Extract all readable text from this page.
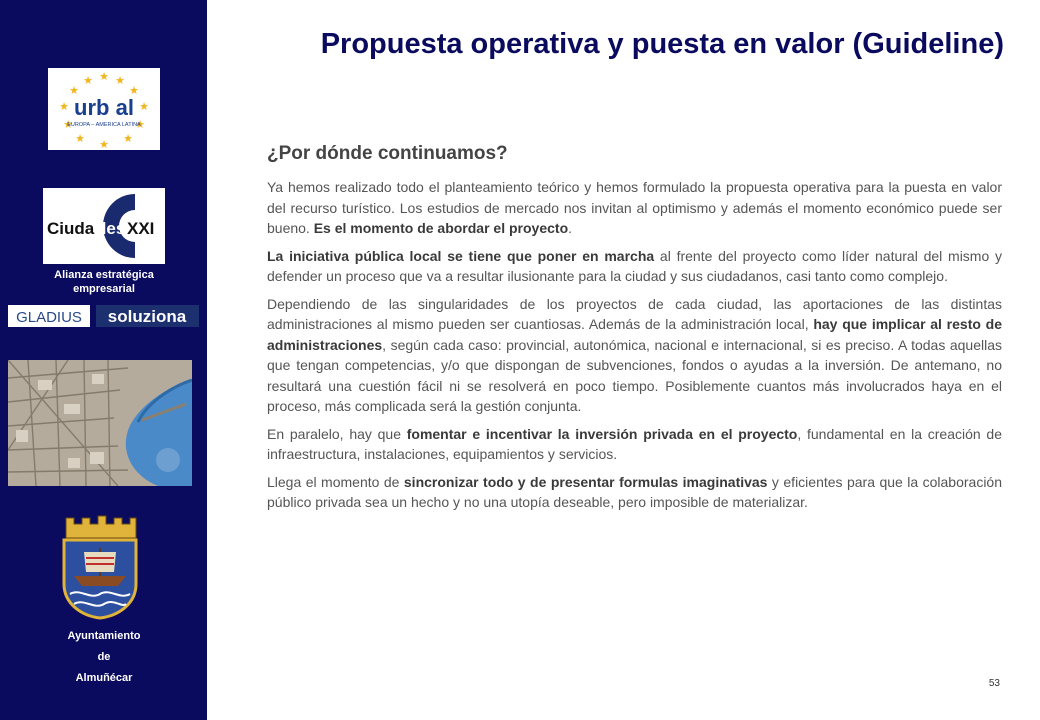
★
★ ★
★	★
★	★
★	★
★	★
★
urb al
EUROPA – AMERICA LATINA
Ciuda des XXI
Alianza estratégica
empresarial
GLADIUS soluziona
Ayuntamiento
de
Almuñécar
Propuesta operativa y puesta en valor (Guideline)
¿Por dónde continuamos?

Ya hemos realizado todo el planteamiento teórico y hemos formulado la propuesta operativa para la puesta en valor del recurso turístico. Los estudios de mercado nos invitan al optimismo y además el momento económico puede ser bueno. Es el momento de abordar el proyecto.

La iniciativa pública local se tiene que poner en marcha al frente del proyecto como líder natural del mismo y defender un proceso que va a resultar ilusionante para la ciudad y sus ciudadanos, casi tanto como complejo.

Dependiendo de las singularidades de los proyectos de cada ciudad, las aportaciones de las distintas administraciones al mismo pueden ser cuantiosas. Además de la administración local, hay que implicar al resto de administraciones, según cada caso: provincial, autonómica, nacional e internacional, si es preciso. A todas aquellas que tengan competencias, y/o que dispongan de subvenciones, fondos o ayudas a la inversión. De antemano, no resultará una cuestión fácil ni se resolverá en poco tiempo. Posiblemente cuantos más involucrados haya en el proceso, más complicada será la gestión conjunta.

En paralelo, hay que fomentar e incentivar la inversión privada en el proyecto, fundamental en la creación de infraestructura, instalaciones, equipamientos y servicios.

Llega el momento de sincronizar todo y de presentar formulas imaginativas y eficientes para que la colaboración público privada sea un hecho y no una utopía deseable, pero imposible de materializar.

53
